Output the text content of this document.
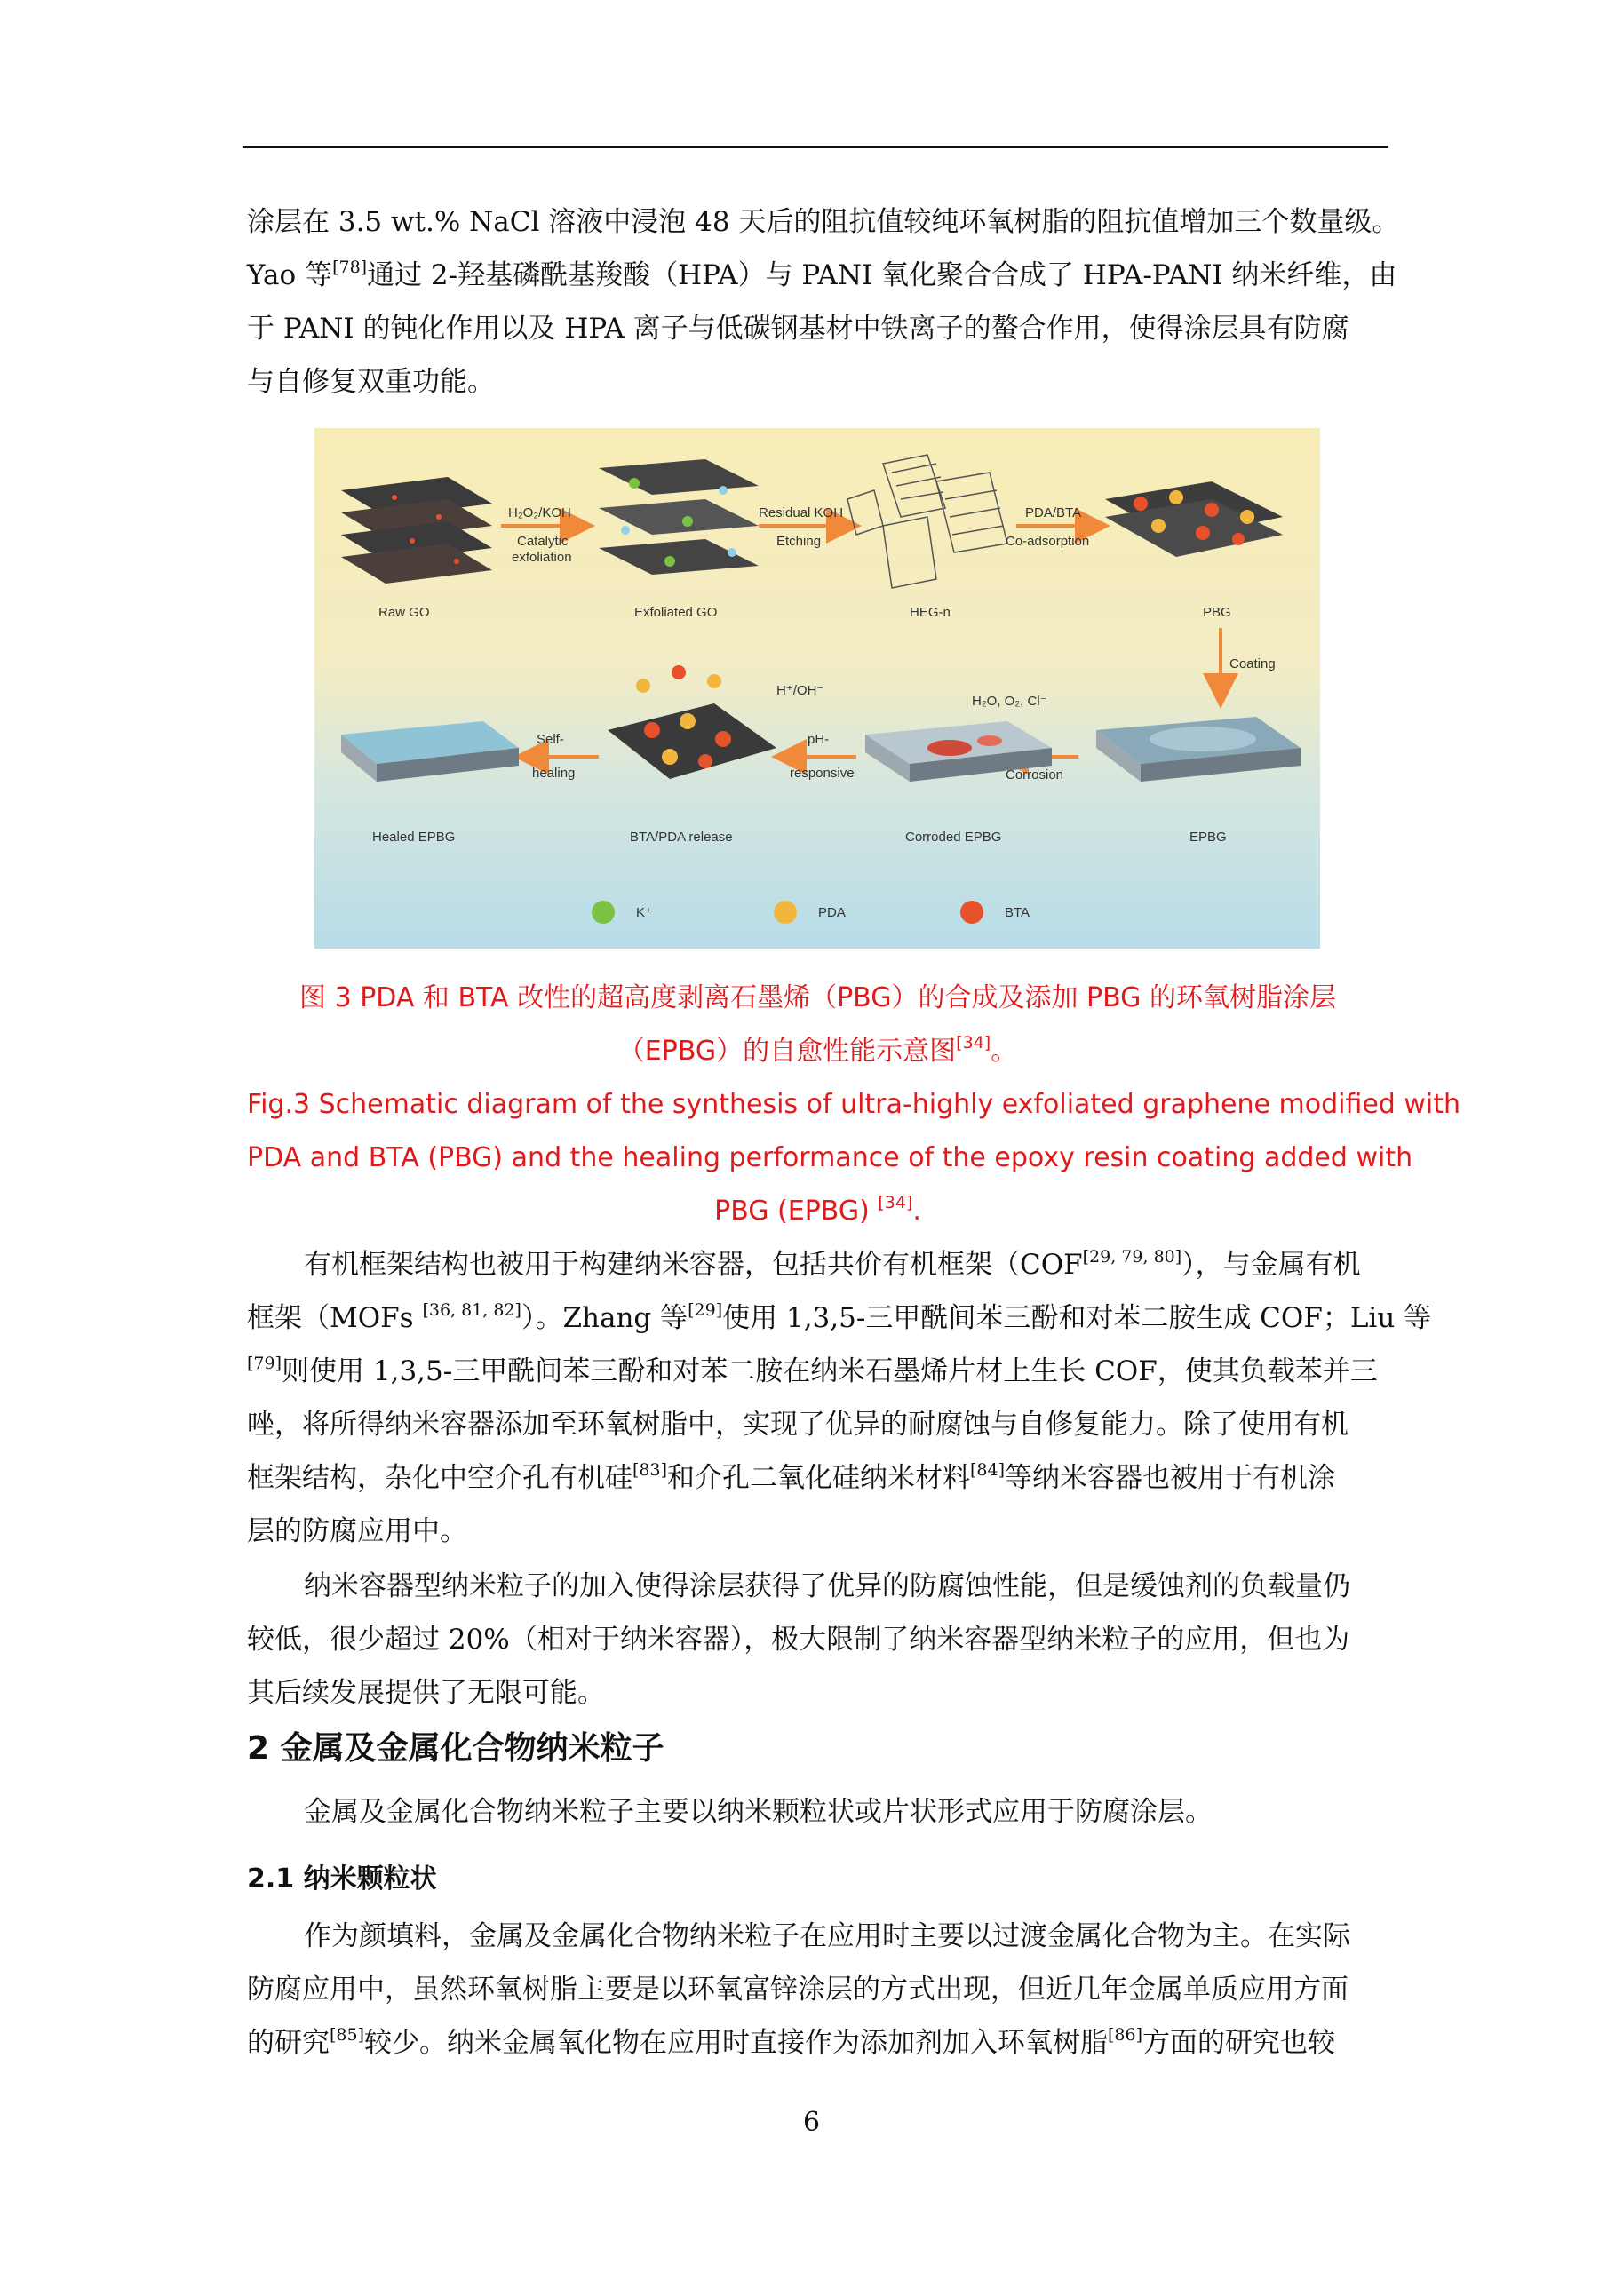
涂层在 3.5 wt.% NaCl 溶液中浸泡 48 天后的阻抗值较纯环氧树脂的阻抗值增加三个数量级。
Yao 等[78]通过 2-羟基磷酰基羧酸（HPA）与 PANI 氧化聚合合成了 HPA-PANI 纳米纤维，由
于 PANI 的钝化作用以及 HPA 离子与低碳钢基材中铁离子的螯合作用，使得涂层具有防腐
与自修复双重功能。
Raw GO
H₂O₂/KOH
Catalytic
exfoliation
Exfoliated GO
Residual KOH
Etching
HEG-n
PDA/BTA
Co-adsorption
PBG
Coating
EPBG
Corrosion
H₂O, O₂, Cl⁻
Corroded EPBG
pH-
responsive
H⁺/OH⁻
BTA/PDA release
Self-
healing
Healed EPBG
K⁺	PDA	BTA
图 3 PDA 和 BTA 改性的超高度剥离石墨烯（PBG）的合成及添加 PBG 的环氧树脂涂层
（EPBG）的自愈性能示意图[34]。
Fig.3 Schematic diagram of the synthesis of ultra-highly exfoliated graphene modified with
PDA and BTA (PBG) and the healing performance of the epoxy resin coating added with
PBG (EPBG) [34].
有机框架结构也被用于构建纳米容器，包括共价有机框架（COF[29, 79, 80]），与金属有机
框架（MOFs [36, 81, 82]）。Zhang 等[29]使用 1,3,5-三甲酰间苯三酚和对苯二胺生成 COF；Liu 等
[79]则使用 1,3,5-三甲酰间苯三酚和对苯二胺在纳米石墨烯片材上生长 COF，使其负载苯并三
唑，将所得纳米容器添加至环氧树脂中，实现了优异的耐腐蚀与自修复能力。除了使用有机
框架结构，杂化中空介孔有机硅[83]和介孔二氧化硅纳米材料[84]等纳米容器也被用于有机涂
层的防腐应用中。
纳米容器型纳米粒子的加入使得涂层获得了优异的防腐蚀性能，但是缓蚀剂的负载量仍
较低，很少超过 20%（相对于纳米容器），极大限制了纳米容器型纳米粒子的应用，但也为
其后续发展提供了无限可能。

2 金属及金属化合物纳米粒子

金属及金属化合物纳米粒子主要以纳米颗粒状或片状形式应用于防腐涂层。

2.1 纳米颗粒状

作为颜填料，金属及金属化合物纳米粒子在应用时主要以过渡金属化合物为主。在实际
防腐应用中，虽然环氧树脂主要是以环氧富锌涂层的方式出现，但近几年金属单质应用方面
的研究[85]较少。纳米金属氧化物在应用时直接作为添加剂加入环氧树脂[86]方面的研究也较
6
